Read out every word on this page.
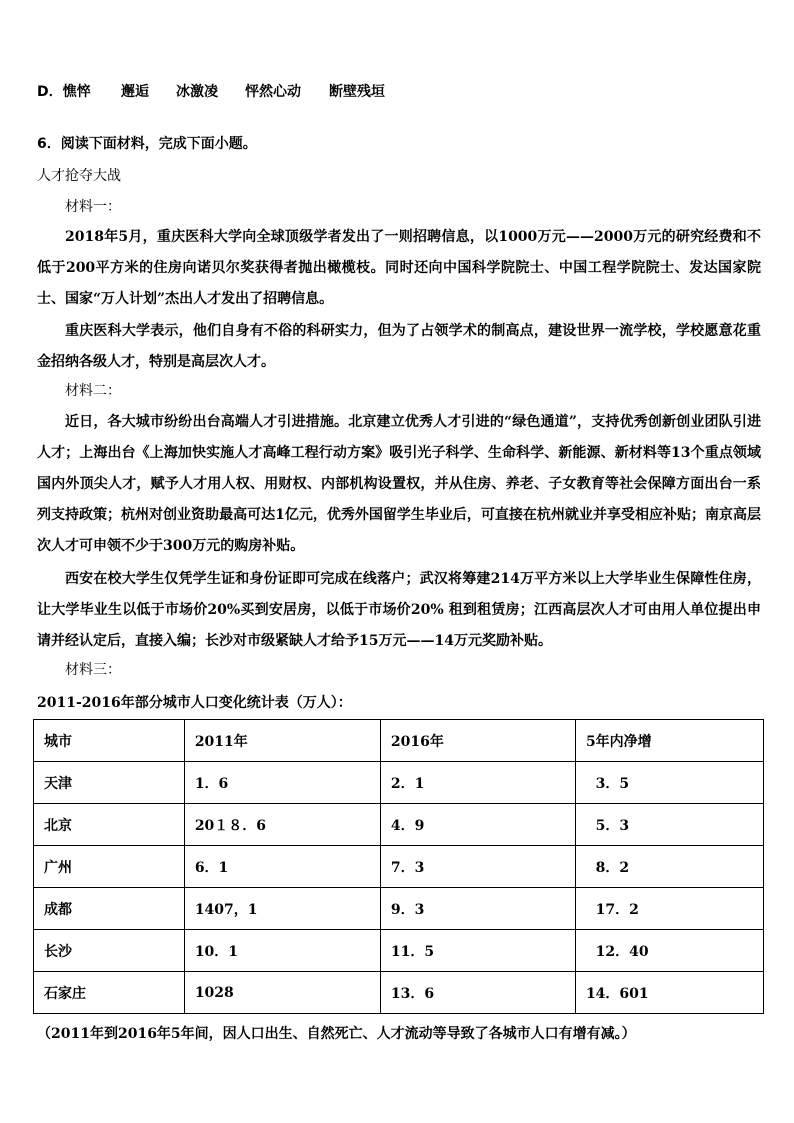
D．憔悴 邂逅 冰激凌 怦然心动 断壁残垣
6．阅读下面材料，完成下面小题。
人才抢夺大战
材料一：
2018年5月，重庆医科大学向全球顶级学者发出了一则招聘信息，以1000万元——2000万元的研究经费和不低于200平方米的住房向诺贝尔奖获得者抛出橄榄枝。同时还向中国科学院院士、中国工程学院院士、发达国家院士、国家“万人计划”杰出人才发出了招聘信息。
重庆医科大学表示，他们自身有不俗的科研实力，但为了占领学术的制高点，建设世界一流学校，学校愿意花重金招纳各级人才，特别是高层次人才。
材料二：
近日，各大城市纷纷出台高端人才引进措施。北京建立优秀人才引进的“绿色通道”，支持优秀创新创业团队引进人才；上海出台《上海加快实施人才高峰工程行动方案》吸引光子科学、生命科学、新能源、新材料等13个重点领域国内外顶尖人才，赋予人才用人权、用财权、内部机构设置权，并从住房、养老、子女教育等社会保障方面出台一系列支持政策；杭州对创业资助最高可达1亿元，优秀外国留学生毕业后，可直接在杭州就业并享受相应补贴；南京高层次人才可申领不少于300万元的购房补贴。
西安在校大学生仅凭学生证和身份证即可完成在线落户；武汉将筹建214万平方米以上大学毕业生保障性住房，让大学毕业生以低于市场价20%买到安居房，以低于市场价20% 租到租赁房；江西高层次人才可由用人单位提出申请并经认定后，直接入编；长沙对市级紧缺人才给予15万元——14万元奖励补贴。
材料三：
2011-2016年部分城市人口变化统计表（万人）：
城市	2011年	2016年	5年内净增
天津	1．6	2．1	3．5
北京	20１８．6	4．9	5．3
广州	6．1	7．3	8．2
成都	1407，1	9．3	17．2
长沙	10．1	11．5	12．40
石家庄	1028	13．6	14．601
（2011年到2016年5年间，因人口出生、自然死亡、人才流动等导致了各城市人口有增有减。）
